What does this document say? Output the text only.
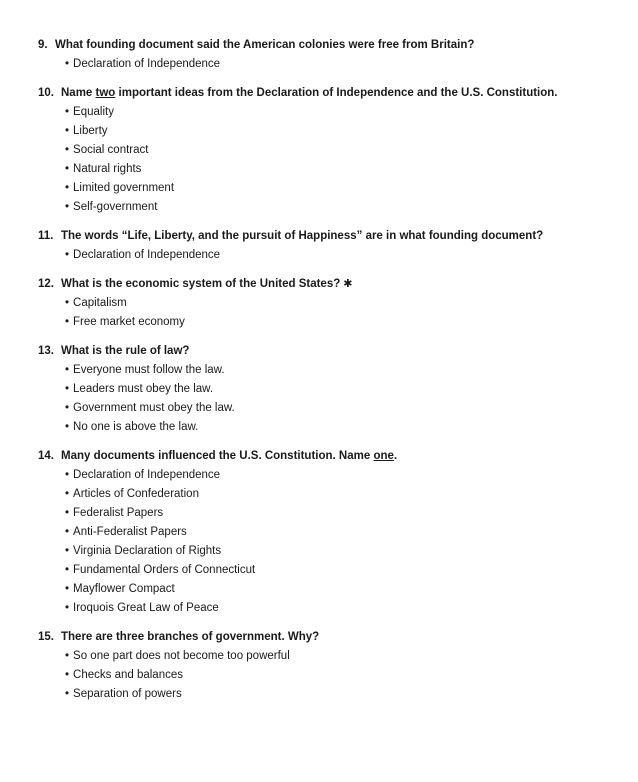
9. What founding document said the American colonies were free from Britain?
• Declaration of Independence
10. Name two important ideas from the Declaration of Independence and the U.S. Constitution.
• Equality
• Liberty
• Social contract
• Natural rights
• Limited government
• Self-government
11. The words “Life, Liberty, and the pursuit of Happiness” are in what founding document?
• Declaration of Independence
12. What is the economic system of the United States? ✱
• Capitalism
• Free market economy
13. What is the rule of law?
• Everyone must follow the law.
• Leaders must obey the law.
• Government must obey the law.
• No one is above the law.
14. Many documents influenced the U.S. Constitution. Name one.
• Declaration of Independence
• Articles of Confederation
• Federalist Papers
• Anti-Federalist Papers
• Virginia Declaration of Rights
• Fundamental Orders of Connecticut
• Mayflower Compact
• Iroquois Great Law of Peace
15. There are three branches of government. Why?
• So one part does not become too powerful
• Checks and balances
• Separation of powers
